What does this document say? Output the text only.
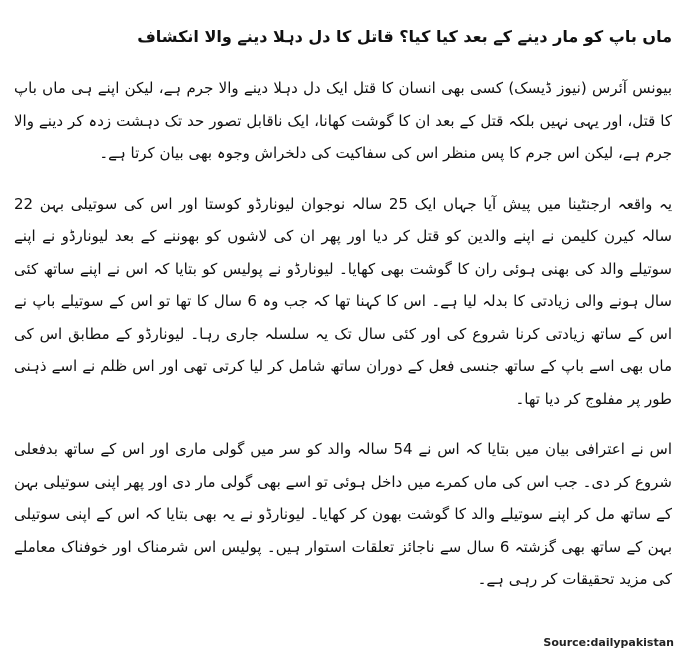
ماں باپ کو مار دینے کے بعد کیا کیا؟ قاتل کا دل دہلا دینے والا انکشاف

بیونس آئرس (نیوز ڈیسک) کسی بھی انسان کا قتل ایک دل دہلا دینے والا جرم ہے، لیکن اپنے ہی ماں باپ کا قتل، اور یہی نہیں بلکہ قتل کے بعد ان کا گوشت کھانا، ایک ناقابل تصور حد تک دہشت زدہ کر دینے والا جرم ہے، لیکن اس جرم کا پس منظر اس کی سفاکیت کی دلخراش وجوہ بھی بیان کرتا ہے۔

یہ واقعہ ارجنٹینا میں پیش آیا جہاں ایک 25 سالہ نوجوان لیونارڈو کوستا اور اس کی سوتیلی بہن 22 سالہ کیرن کلیمن نے اپنے والدین کو قتل کر دیا اور پھر ان کی لاشوں کو بھوننے کے بعد لیونارڈو نے اپنے سوتیلے والد کی بھنی ہوئی ران کا گوشت بھی کھایا۔ لیونارڈو نے پولیس کو بتایا کہ اس نے اپنے ساتھ کئی سال ہونے والی زیادتی کا بدلہ لیا ہے۔ اس کا کہنا تھا کہ جب وہ 6 سال کا تھا تو اس کے سوتیلے باپ نے اس کے ساتھ زیادتی کرنا شروع کی اور کئی سال تک یہ سلسلہ جاری رہا۔ لیونارڈو کے مطابق اس کی ماں بھی اسے باپ کے ساتھ جنسی فعل کے دوران ساتھ شامل کر لیا کرتی تھی اور اس ظلم نے اسے ذہنی طور پر مفلوج کر دیا تھا۔

اس نے اعترافی بیان میں بتایا کہ اس نے 54 سالہ والد کو سر میں گولی ماری اور اس کے ساتھ بدفعلی شروع کر دی۔ جب اس کی ماں کمرے میں داخل ہوئی تو اسے بھی گولی مار دی اور پھر اپنی سوتیلی بہن کے ساتھ مل کر اپنے سوتیلے والد کا گوشت بھون کر کھایا۔ لیونارڈو نے یہ بھی بتایا کہ اس کے اپنی سوتیلی بہن کے ساتھ بھی گزشتہ 6 سال سے ناجائز تعلقات استوار ہیں۔ پولیس اس شرمناک اور خوفناک معاملے کی مزید تحقیقات کر رہی ہے۔

Source:dailypakistan
